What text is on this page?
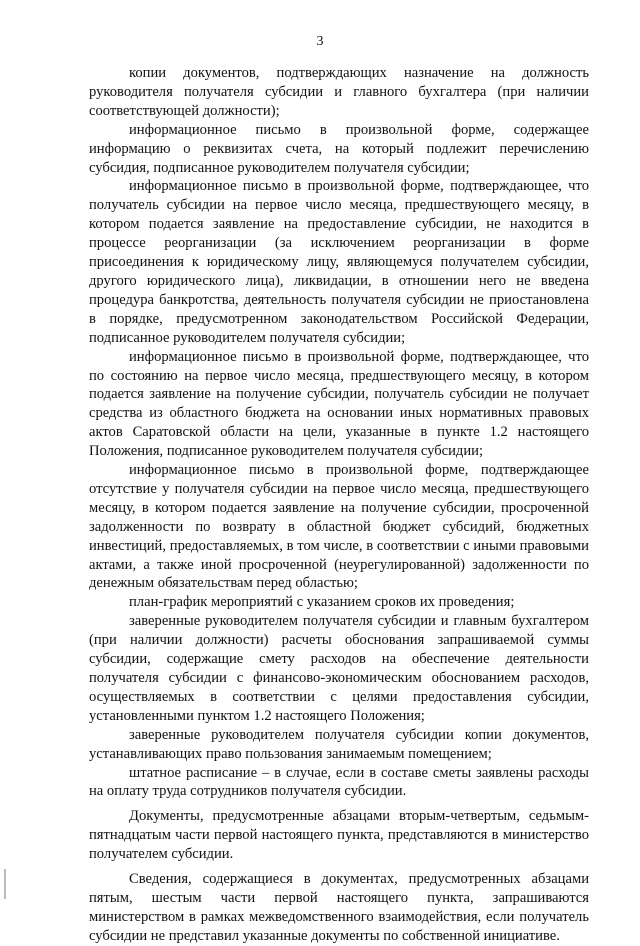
3

копии документов, подтверждающих назначение на должность руководителя получателя субсидии и главного бухгалтера (при наличии соответствующей должности);

информационное письмо в произвольной форме, содержащее информацию о реквизитах счета, на который подлежит перечислению субсидия, подписанное руководителем получателя субсидии;

информационное письмо в произвольной форме, подтверждающее, что получатель субсидии на первое число месяца, предшествующего месяцу, в котором подается заявление на предоставление субсидии, не находится в процессе реорганизации (за исключением реорганизации в форме присоединения к юридическому лицу, являющемуся получателем субсидии, другого юридического лица), ликвидации, в отношении него не введена процедура банкротства, деятельность получателя субсидии не приостановлена в порядке, предусмотренном законодательством Российской Федерации, подписанное руководителем получателя субсидии;

информационное письмо в произвольной форме, подтверждающее, что по состоянию на первое число месяца, предшествующего месяцу, в котором подается заявление на получение субсидии, получатель субсидии не получает средства из областного бюджета на основании иных нормативных правовых актов Саратовской области на цели, указанные в пункте 1.2 настоящего Положения, подписанное руководителем получателя субсидии;

информационное письмо в произвольной форме, подтверждающее отсутствие у получателя субсидии на первое число месяца, предшествующего месяцу, в котором подается заявление на получение субсидии, просроченной задолженности по возврату в областной бюджет субсидий, бюджетных инвестиций, предоставляемых, в том числе, в соответствии с иными правовыми актами, а также иной просроченной (неурегулированной) задолженности по денежным обязательствам перед областью;

план-график мероприятий с указанием сроков их проведения;

заверенные руководителем получателя субсидии и главным бухгалтером (при наличии должности) расчеты обоснования запрашиваемой суммы субсидии, содержащие смету расходов на обеспечение деятельности получателя субсидии с финансово-экономическим обоснованием расходов, осуществляемых в соответствии с целями предоставления субсидии, установленными пунктом 1.2 настоящего Положения;

заверенные руководителем получателя субсидии копии документов, устанавливающих право пользования занимаемым помещением;

штатное расписание – в случае, если в составе сметы заявлены расходы на оплату труда сотрудников получателя субсидии.

Документы, предусмотренные абзацами вторым-четвертым, седьмым-пятнадцатым части первой настоящего пункта, представляются в министерство получателем субсидии.

Сведения, содержащиеся в документах, предусмотренных абзацами пятым, шестым части первой настоящего пункта, запрашиваются министерством в рамках межведомственного взаимодействия, если получатель субсидии не представил указанные документы по собственной инициативе.
